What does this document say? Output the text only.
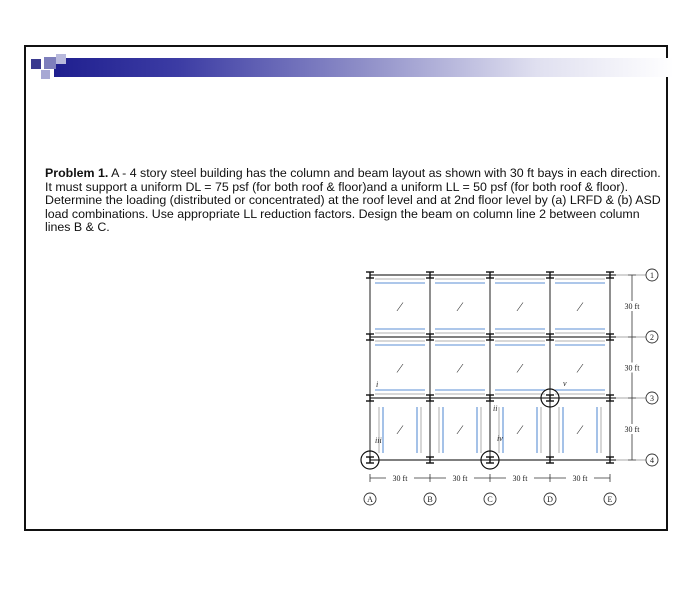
Problem 1. A - 4 story steel building has the column and beam layout as shown with 30 ft bays in each direction. It must support a uniform DL = 75 psf (for both roof & floor)and a uniform LL = 50 psf (for both roof & floor). Determine the loading (distributed or concentrated) at the roof level and at 2nd floor level by (a) LRFD & (b) ASD load combinations. Use appropriate LL reduction factors. Design the beam on column line 2 between column lines B & C.

∕
∕
∕
∕
∕
∕
∕
∕
∕
∕
∕
∕
i
ii
iii	iv
v
30 ft	30 ft	30 ft	30 ft
30 ft
30 ft
30 ft
A	B	C	D	E
1
2
3
4
